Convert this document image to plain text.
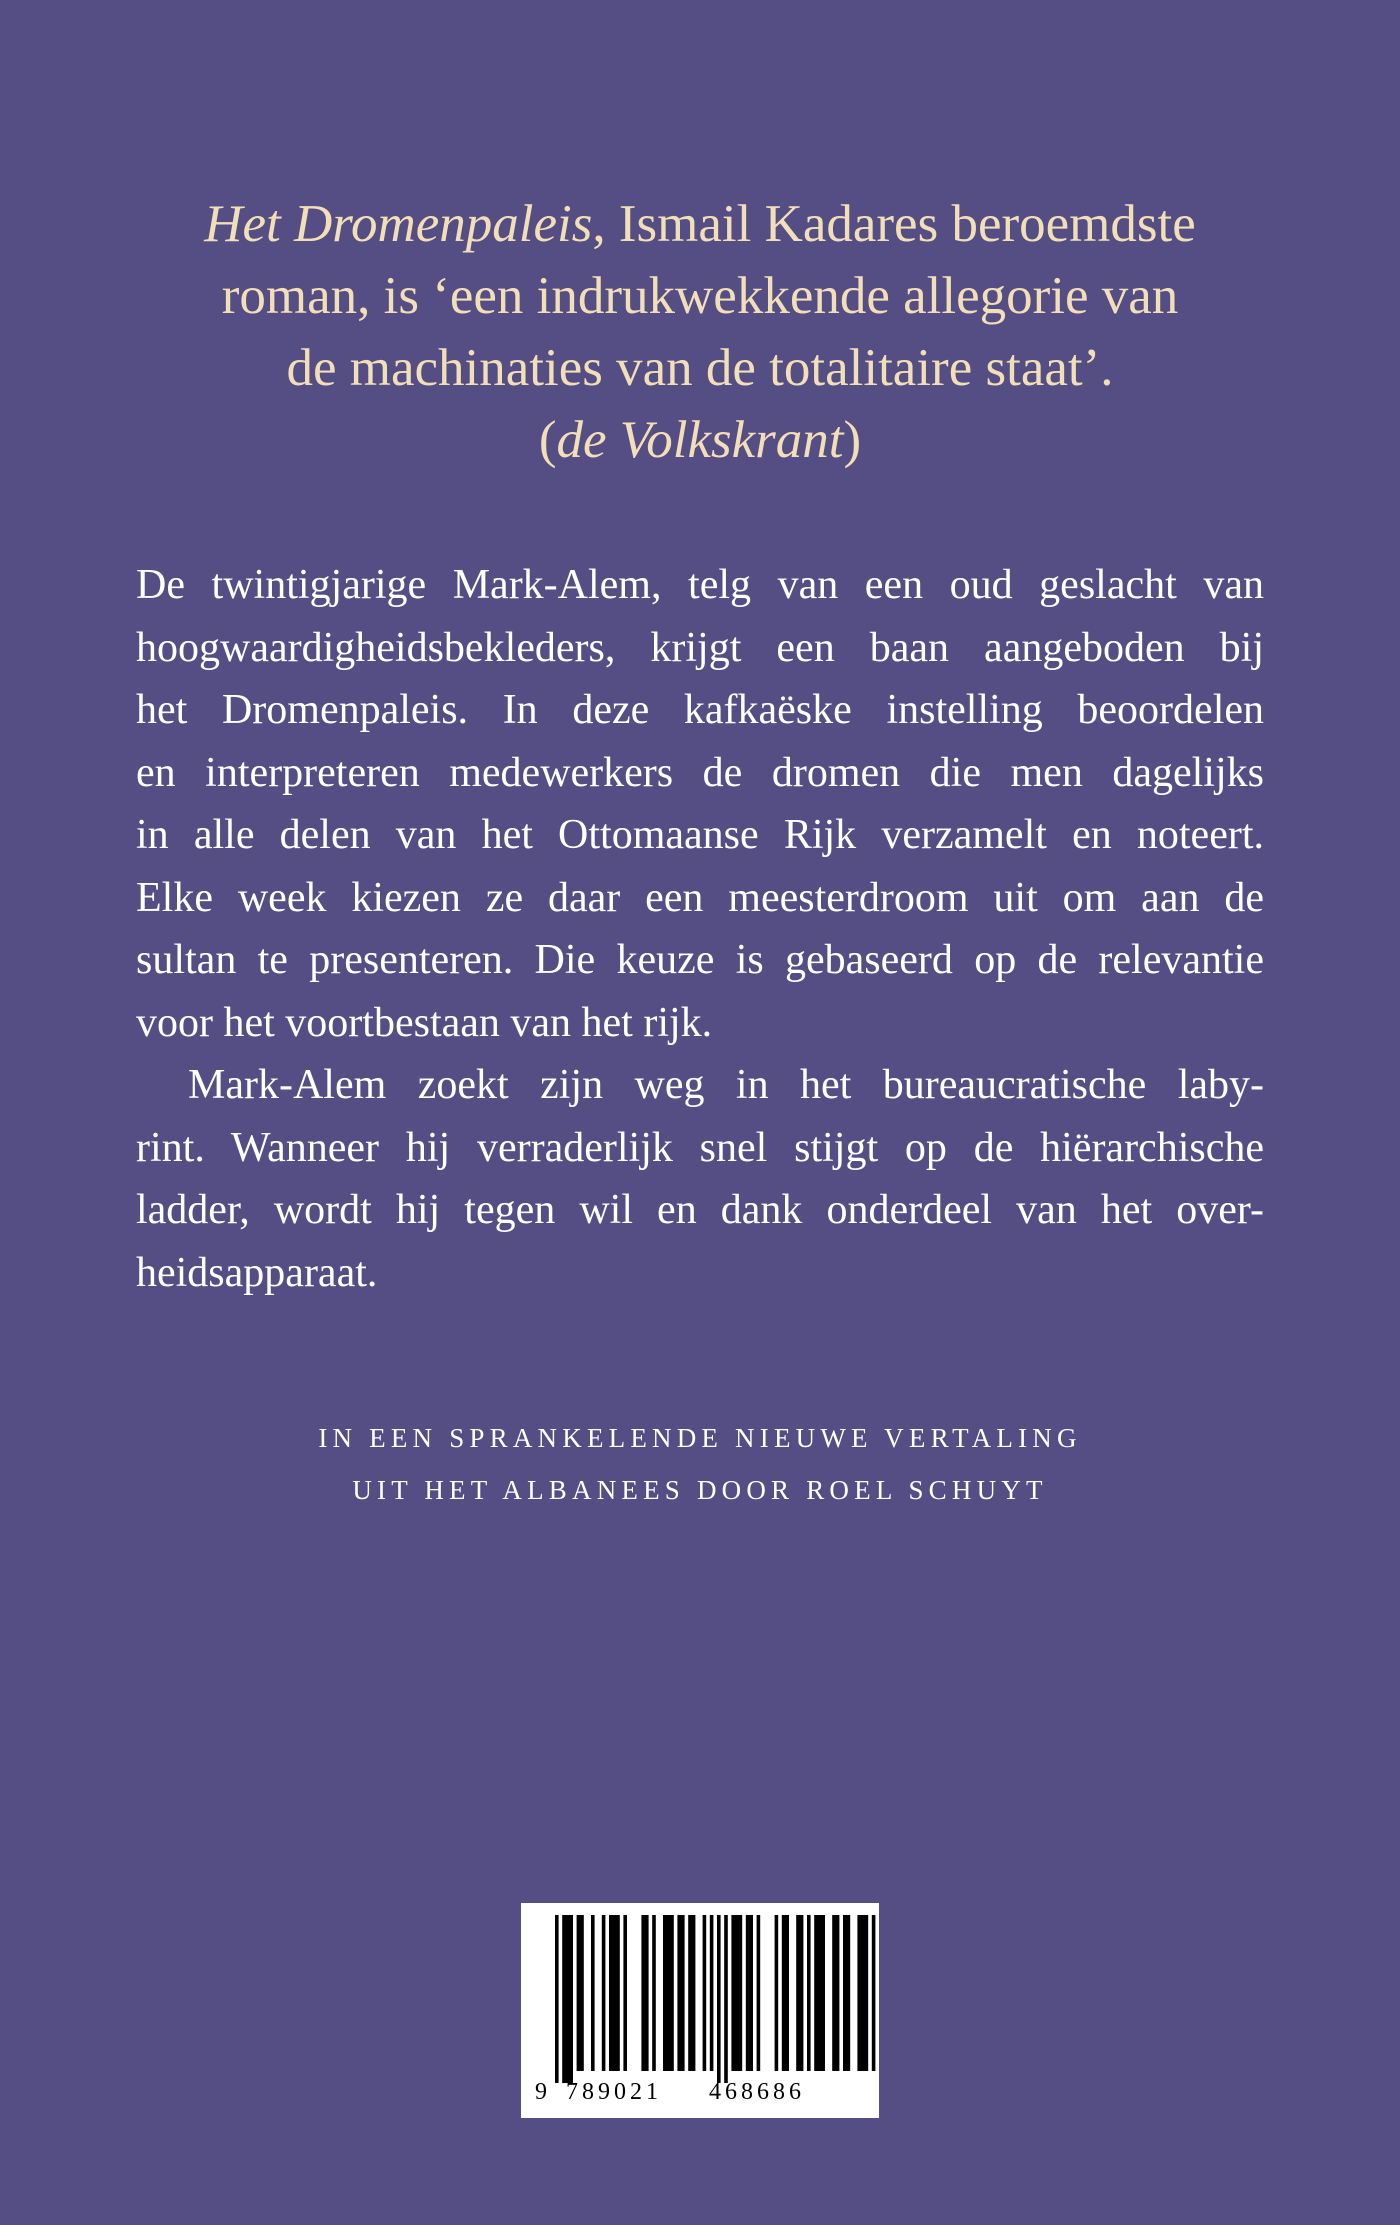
Het Dromenpaleis, Ismail Kadares beroemdste
roman, is ‘een indrukwekkende allegorie van
de machinaties van de totalitaire staat’.
(de Volkskrant)
De twintigjarige Mark-Alem, telg van een oud geslacht van
hoogwaardigheidsbekleders, krijgt een baan aangeboden bij
het Dromenpaleis. In deze kafkaëske instelling beoordelen
en interpreteren medewerkers de dromen die men dagelijks
in alle delen van het Ottomaanse Rijk verzamelt en noteert.
Elke week kiezen ze daar een meesterdroom uit om aan de
sultan te presenteren. Die keuze is gebaseerd op de relevantie
voor het voortbestaan van het rijk.
Mark-Alem zoekt zijn weg in het bureaucratische laby-
rint. Wanneer hij verraderlijk snel stijgt op de hiërarchische
ladder, wordt hij tegen wil en dank onderdeel van het over-
heidsapparaat.
IN EEN SPRANKELENDE NIEUWE VERTALING
UIT HET ALBANEES DOOR ROEL SCHUYT
9 789021 468686
